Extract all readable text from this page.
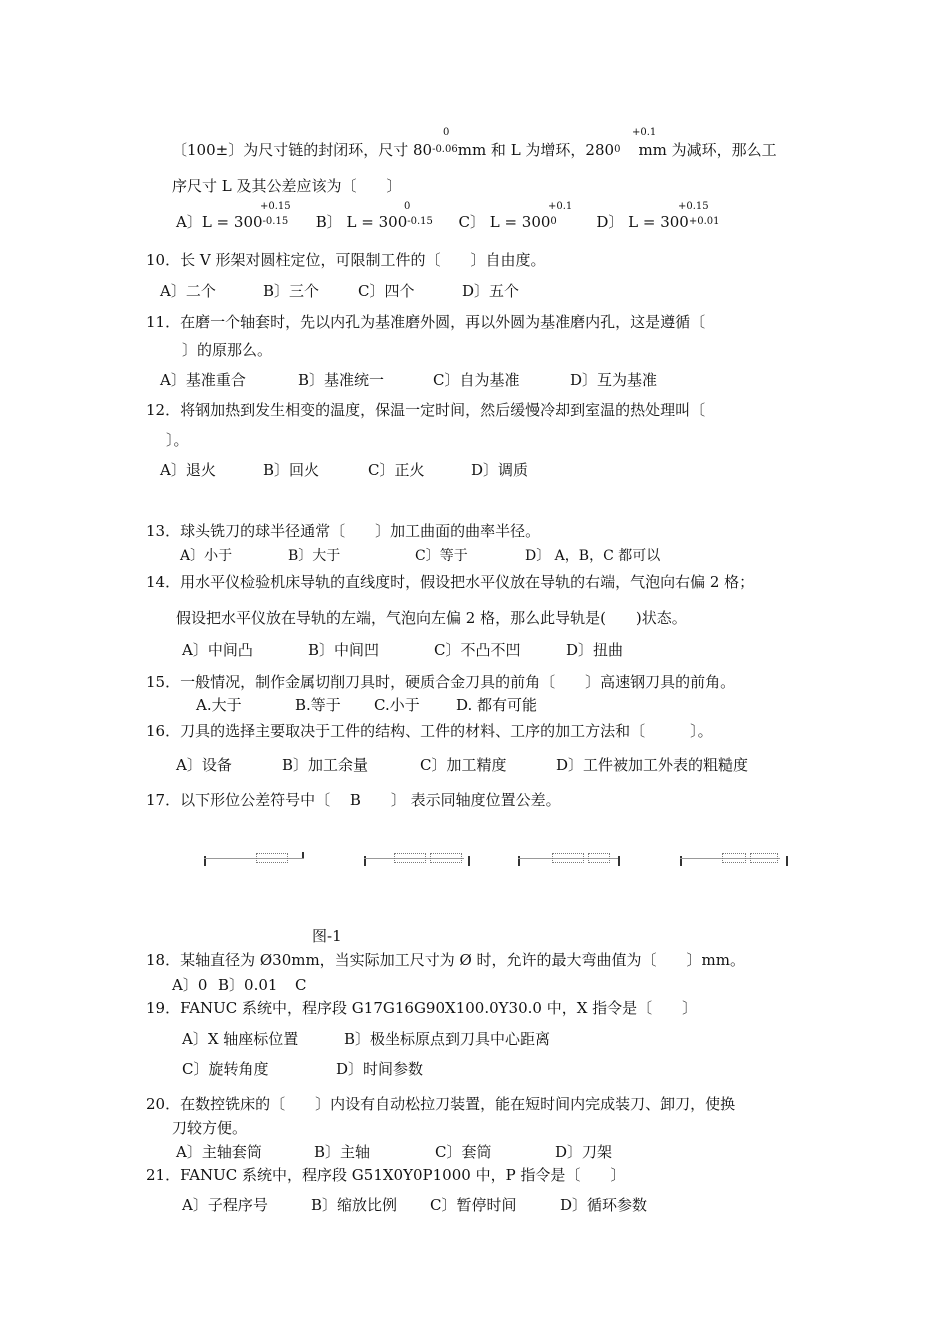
0	+0.1
〔100±〕为尺寸链的封闭环，尺寸 $80^{-0.06}mm$ 和 L 为增环，$280^0$ mm 为减环，那么工
序尺寸 L 及其公差应该为〔　　〕
+0.15	0	+0.1	+0.15
A〕$L = 300^{-0.15}$ B〕 $L = 300^{-0.15}$ C〕 $L = 300^0$	D〕 $L = 300^{+0.01}$
10．长 V 形架对圆柱定位，可限制工件的〔　　〕自由度。
A〕二个	B〕三个	C〕四个	D〕五个
11．在磨一个轴套时，先以内孔为基准磨外圆，再以外圆为基准磨内孔，这是遵循〔
〕的原那么。
A〕基准重合	B〕基准统一	C〕自为基准	D〕互为基准
12．将钢加热到发生相变的温度，保温一定时间，然后缓慢冷却到室温的热处理叫〔
〕。
A〕退火	B〕回火	C〕正火	D〕调质
13．球头铣刀的球半径通常〔　　〕加工曲面的曲率半径。
A〕小于	B〕大于	C〕等于	D〕 A，B，C 都可以
14．用水平仪检验机床导轨的直线度时，假设把水平仪放在导轨的右端，气泡向右偏 2 格；
假设把水平仪放在导轨的左端，气泡向左偏 2 格，那么此导轨是(　　)状态。
A〕中间凸	B〕中间凹	C〕不凸不凹	D〕扭曲
15．一般情况，制作金属切削刀具时，硬质合金刀具的前角〔　　〕高速钢刀具的前角。
A.大于	B.等于 C.小于 D. 都有可能
16．刀具的选择主要取决于工件的结构、工件的材料、工序的加工方法和〔　　　〕。
A〕设备	B〕加工余量	C〕加工精度	D〕工件被加工外表的粗糙度
17．以下形位公差符号中〔　 B　　〕 表示同轴度位置公差。
图-1
18．某轴直径为 Ø30mm，当实际加工尺寸为 Ø 时，允许的最大弯曲值为〔　　〕mm。
A〕0 B〕0.01 C
19．FANUC 系统中，程序段 G17G16G90X100.0Y30.0 中，X 指令是〔　　〕
A〕X 轴座标位置	B〕极坐标原点到刀具中心距离
C〕旋转角度	D〕时间参数
20．在数控铣床的〔　　〕内设有自动松拉刀装置，能在短时间内完成装刀、卸刀，使换
刀较方便。
A〕主轴套筒	B〕主轴	C〕套筒	D〕刀架
21．FANUC 系统中，程序段 G51X0Y0P1000 中，P 指令是〔　　〕
A〕子程序号	B〕缩放比例 C〕暂停时间	D〕循环参数
